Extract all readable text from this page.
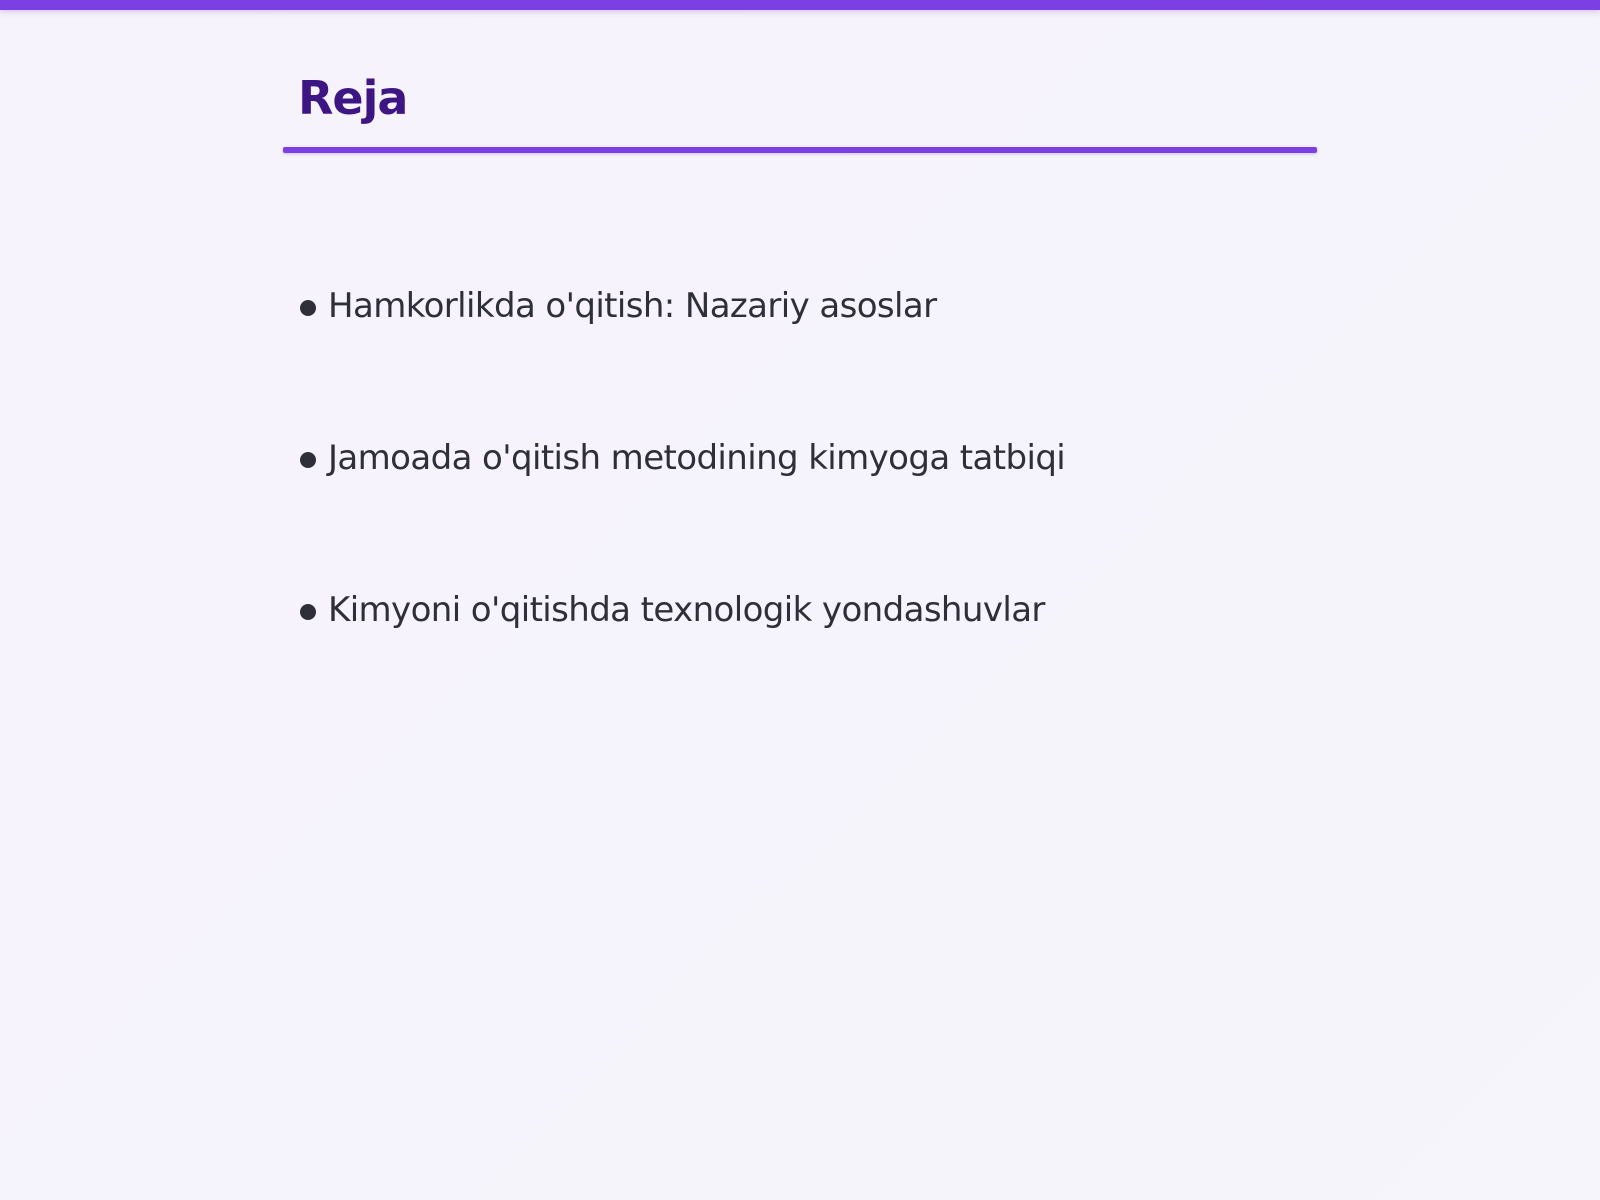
Reja
Hamkorlikda o'qitish: Nazariy asoslar
Jamoada o'qitish metodining kimyoga tatbiqi
Kimyoni o'qitishda texnologik yondashuvlar
